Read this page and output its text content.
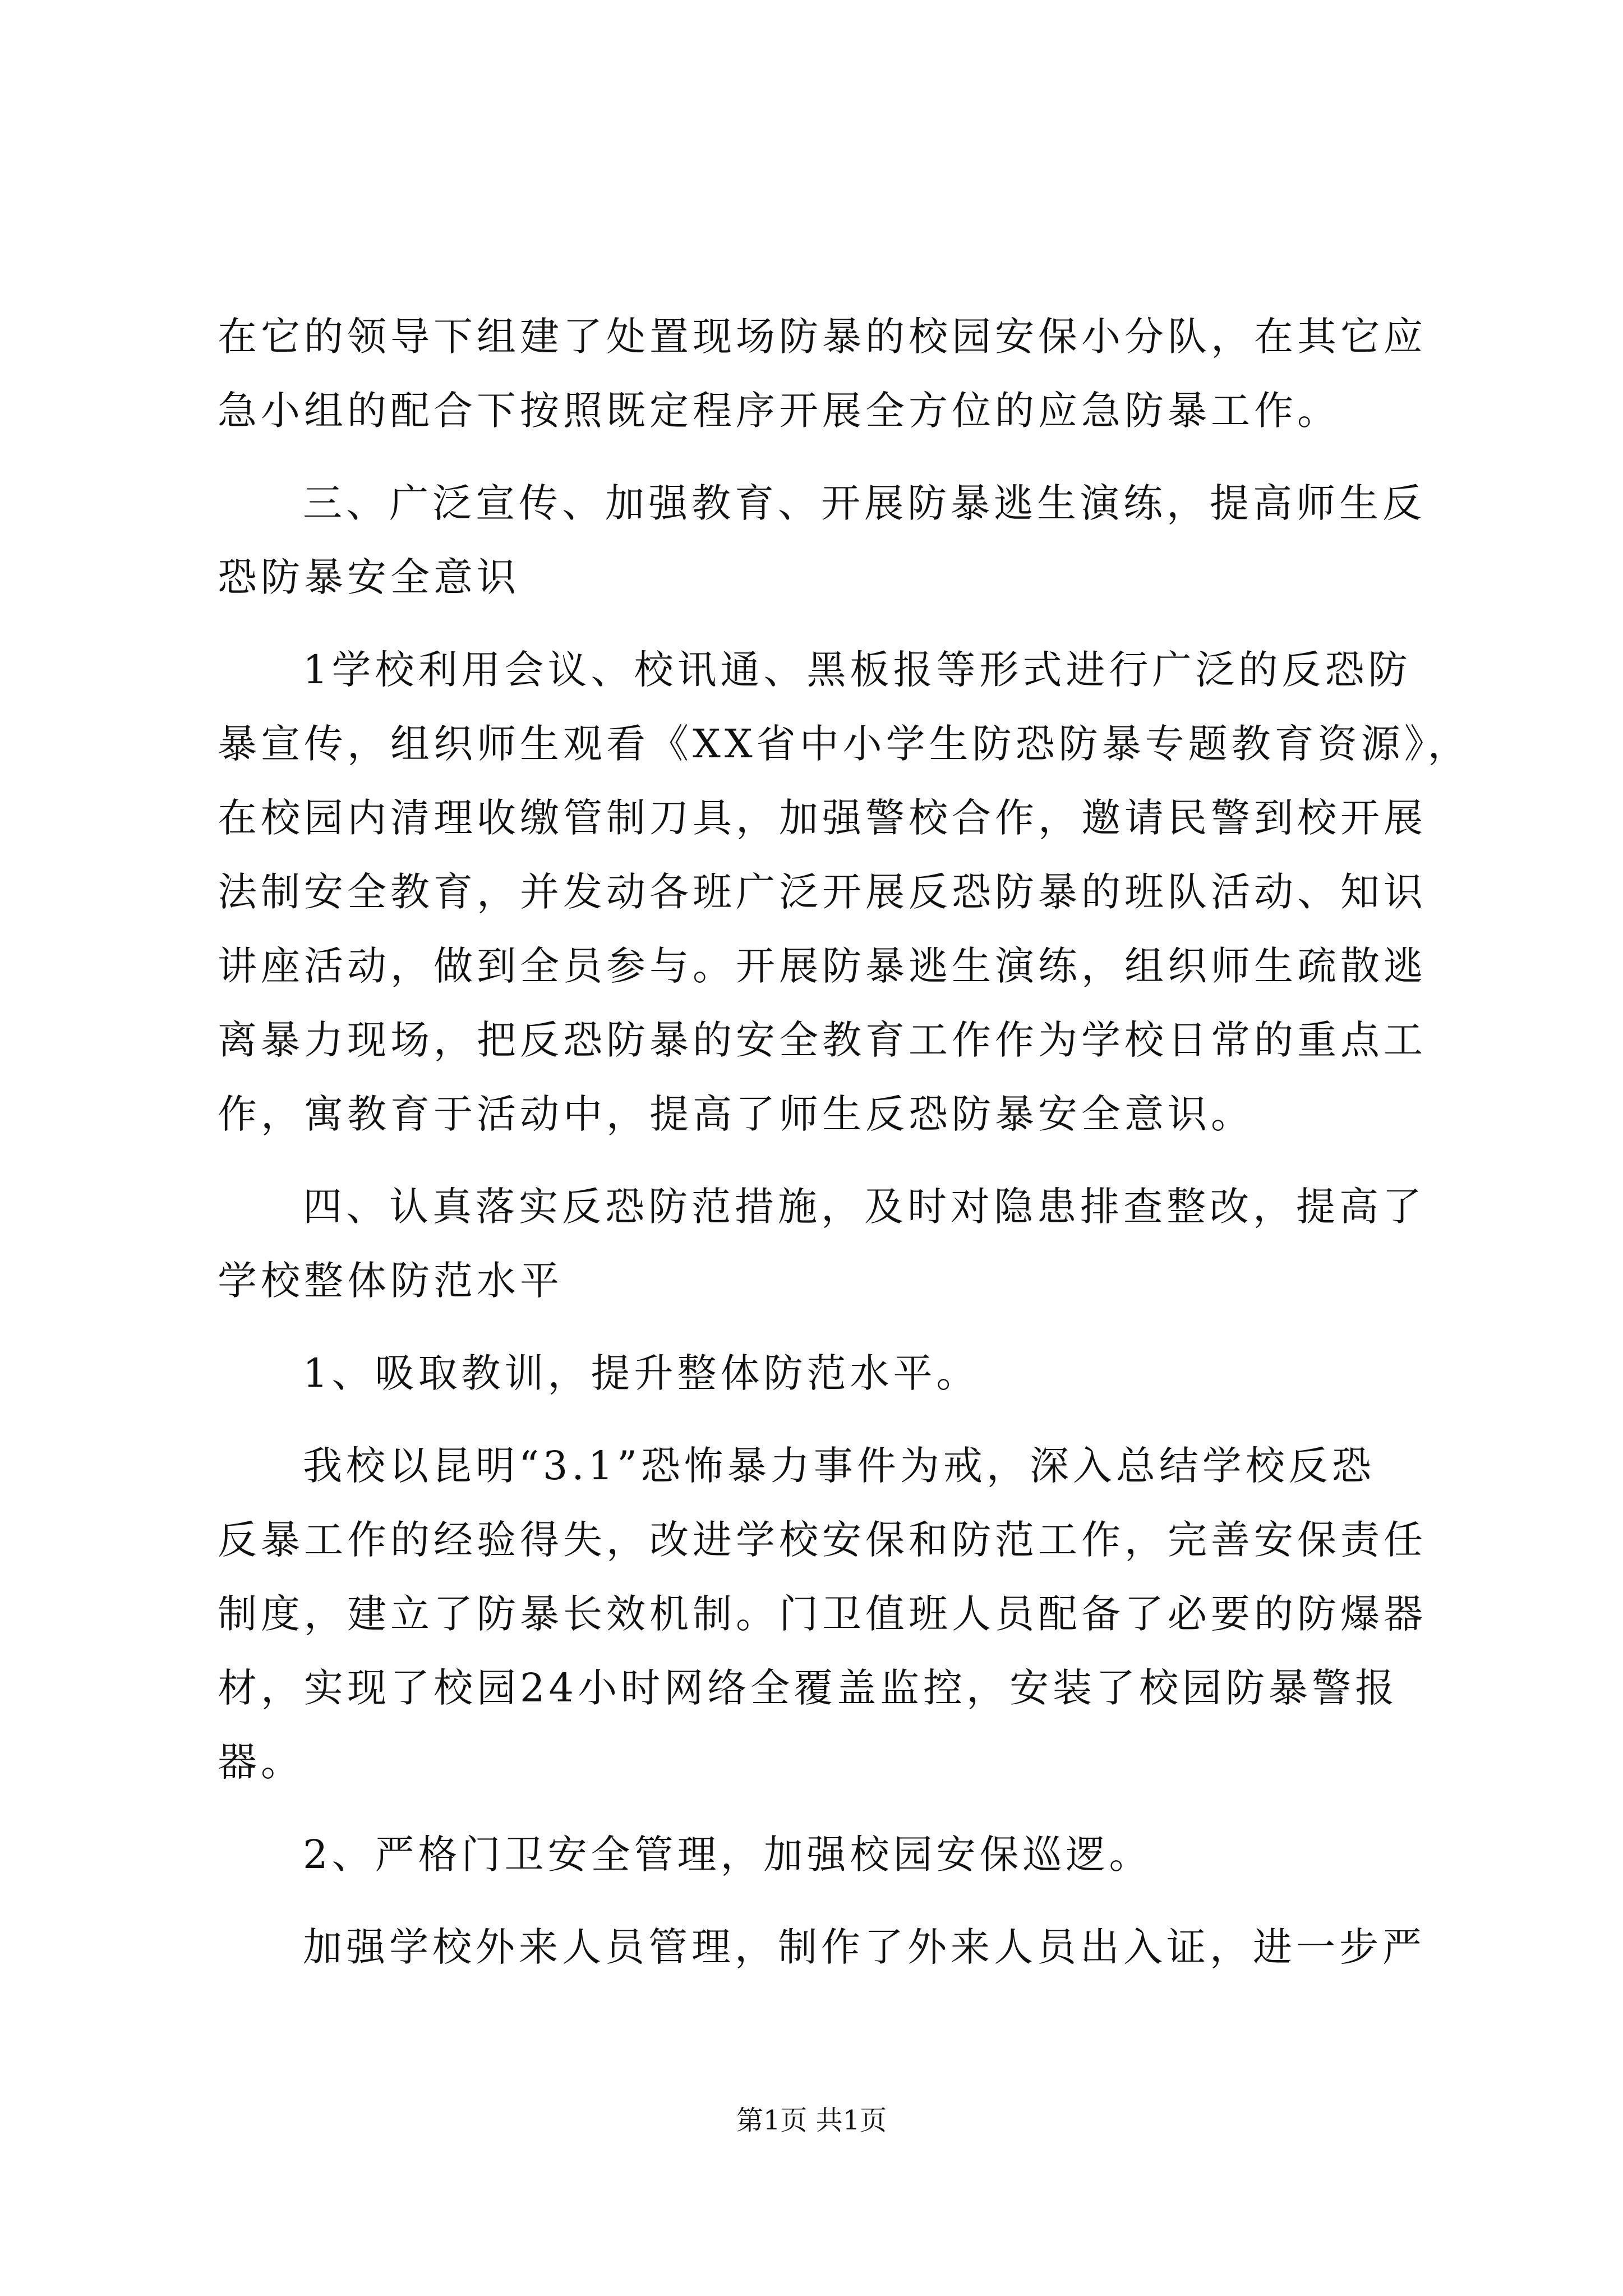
在它的领导下组建了处置现场防暴的校园安保小分队，在其它应

急小组的配合下按照既定程序开展全方位的应急防暴工作。

三、广泛宣传、加强教育、开展防暴逃生演练，提高师生反

恐防暴安全意识

1学校利用会议、校讯通、黑板报等形式进行广泛的反恐防

暴宣传，组织师生观看《XX省中小学生防恐防暴专题教育资源》，

在校园内清理收缴管制刀具，加强警校合作，邀请民警到校开展

法制安全教育，并发动各班广泛开展反恐防暴的班队活动、知识

讲座活动，做到全员参与。开展防暴逃生演练，组织师生疏散逃

离暴力现场，把反恐防暴的安全教育工作作为学校日常的重点工

作，寓教育于活动中，提高了师生反恐防暴安全意识。

四、认真落实反恐防范措施，及时对隐患排查整改，提高了

学校整体防范水平

1、吸取教训，提升整体防范水平。

我校以昆明“3.1”恐怖暴力事件为戒，深入总结学校反恐

反暴工作的经验得失，改进学校安保和防范工作，完善安保责任

制度，建立了防暴长效机制。门卫值班人员配备了必要的防爆器

材，实现了校园24小时网络全覆盖监控，安装了校园防暴警报

器。

2、严格门卫安全管理，加强校园安保巡逻。

加强学校外来人员管理，制作了外来人员出入证，进一步严

第1页 共1页
